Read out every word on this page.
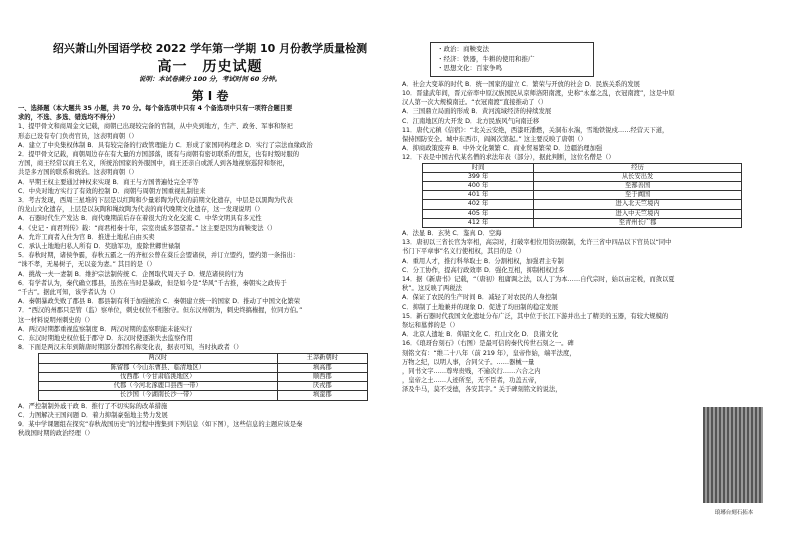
绍兴萧山外国语学校 2022 学年第一学期 10 月份教学质量检测
高一　历史试题
说明：本试卷满分 100 分，考试时间 60 分钟。
第 Ⅰ 卷

一、选择题（本大题共 35 小题，共 70 分。每个备选项中只有 4 个备选项中只有一项符合题目要

求的，不选、多选、错选均不得分）

1、提甲骨文和商周金文记载，商朝已出现较完备的官制，从中央到地方，生产、政务、军事和祭祀

形态已设有专门负责官员，这表明商朝（）

A．建立了中央集权体制 B．具有较完备的行政管理能力 C．形成了家国同构理念 D．实行了宗法血缘政治

2．提甲骨文记载，商朝周边存在有大量的方国部落，既有与商朝有密切联系的盟友，也有时叛时服的

方国，商王经常以商王名义，所统治国家的外服国中，商王还亲自或派人到各地视察巡狩和祭祀，

共是多方国的联系和统治。这表明商朝（）

A．早期王权主要通过神权来实现 B．商王与方国普遍处完全平等

C．中央对地方实行了有效的控制 D．商朝与周朝方国重视礼制往来

3．考古发现，西周三星堆的下层是以红陶和少量彩陶为代表的前期文化遗存，中层是以黑陶为代表

的龙山文化遗存，上层是以灰陶和绳纹陶为代表的商代晚期文化遗存，这一发现说明（）

A．石器时代生产发达 B．商代晚期前后存在着很大的文化交流 C．中华文明具有多元性

4．《史记・商君列传》载：“商君相秦十年，宗室贵戚多怨望者。” 这主要是因为商鞅变法（）

A．允许工商者入仕为官 B．推进土地私自由买卖

C．承认土地地归私人所有 D．奖励军功，废除世卿世禄制

5．春秋时期，诸侯争霸，春秋五霸之一的齐桓公曾在葵丘会盟诸侯，并订立盟约，盟约第一条指出：

“诛不孝，无易树子，无以妾为妻。” 其目的是（）

A．挑战一夫一妻制 B．维护宗法制传统 C．企图取代周天子 D．规范诸侯的行为

6．有学者认为，秦代确立郡县，虽然在当时是暴政，但是如今是“华风”千古推，秦朝实之政传于

“千古”。据此可知，该学者认为（）

A．秦朝暴政失败了郡县 B．郡县制有利于加强统治 C．秦朝建立统一的国家 D．推动了中国文化繁荣

7．“西汉的州郡只是管（监）察单位，刺史权位不相独守。但东汉州朝为，刺史终搞権握，位同方伯。”

这一材料说明州刺史的（）

A．两汉时期都重视监察制度 B．两汉时期的监察职能未能实行

C．东汉时期地史权位低于郡守 D．东汉时使逐渐失去监察作用

8．下面是两汉末年到隋唐时期部分都国名称变化表，据表可知，当时执政者（）

两汉时	王莽新朝时
陈留郡（今山东曹县、临清地区）	填高郡
伐西郡（今甘肃临洮地区）	顺西郡
代郡（今河北涿鹿口县西一带）	厌戎郡
长沙国（今湖南长沙一带）	填蛮郡

A．严控制制外戚干政 B．推行了不切实际的改革措施

C．力图解决王国问题 D．着力抑制豪强地主势力发展

9．某中学课题组在探究“春秋战国历史”的过程中搜集到下列信息（如下图），这些信息的主题应该是秦

秋战国时期的政治经理（）

・政治：商鞅变法
・经济：铁器，牛耕的使用和推广
・思想文化：百家争鸣

A．社会大变革的时代 B．统一国家的建立 C．繁荣与开放的社会 D．民族关系的发展

10．晋建武年间，晋元帝率中原汉族国民从京师洛阳南渡，史称“永嘉之乱，衣冠南渡”，这是中原

汉人第一次大规模南迁。“衣冠南渡”直接推动了（）

A．三国鼎立局面的形成 B．黄河流域经济的持续发展

C．江南地区的大开发 D．北方民族风气向南迁移

11．唐代元稹《信宿》：“北关云安绝，西漆旺潘燃，关洞布水湍，雪地铁锐戍……经营天下道，

保持国防安全。城中东西市，阎阁次第起。” 这主要反映了唐朝（）

A．抑商政策废弃 B．中外文化频繁 C．商业贸易繁荣 D．边疆治理加强

12．下表是中国古代某名僧的求法年表（部分），据此判断，这位名僧是（）

时间	经历
399 年	从长安出发
400 年	至鄯善国
401 年	至于阗国
402 年	进入北天竺境内
405 年	进入中天竺境内
412 年	至青州长广郡

A．法显 B．玄奘 C．鉴真 D．空海

13．唐初以三省长官为宰相，高宗时，打破宰相位用资历限制，允许三省中四品以下官员以“同中

书门下平章事”名义行使相权，其目的是（）

A．重用人才，推行科举取士 B．分割相权，加强君主专制

C．分工协作，提高行政效率 D．强化互相，抑制相权过多

14．据《新唐书》记载，“（唐初）租庸调之法，以人丁为本……自代宗时，始以亩定税，而敛以夏

秋”。这反映了两税法

A．保证了农民的生产时间 B．减轻了对农民的人身控制

C．抑制了土地兼并的现象 D．促进了均田制的稳定发展

15．新石器时代我国文化遗址分布广泛，其中位于长江下游并出土了精美的玉器，有较大规模的

祭坛和墓葬的是（）

A．北京人遗址 B．仰韶文化 C．红山文化 D．良渚文化

16．《琅玡台刻石》（右图）是最可信的秦代传世石刻之一。碑

刻铭文有：“维二十八年（前 219 年），皇帝作始，端平法度，

万物之纪，以明人事，合同父子。……器械一量

，同书文字……尊卑贵贱，不逾次行……六合之内

，皇帝之土……人迹所至，无不臣者，功盖五帝，

泽及牛马，莫不受德，各安其宇。” 关于碑刻铭文的说法，

琅琊台刻石拓本
